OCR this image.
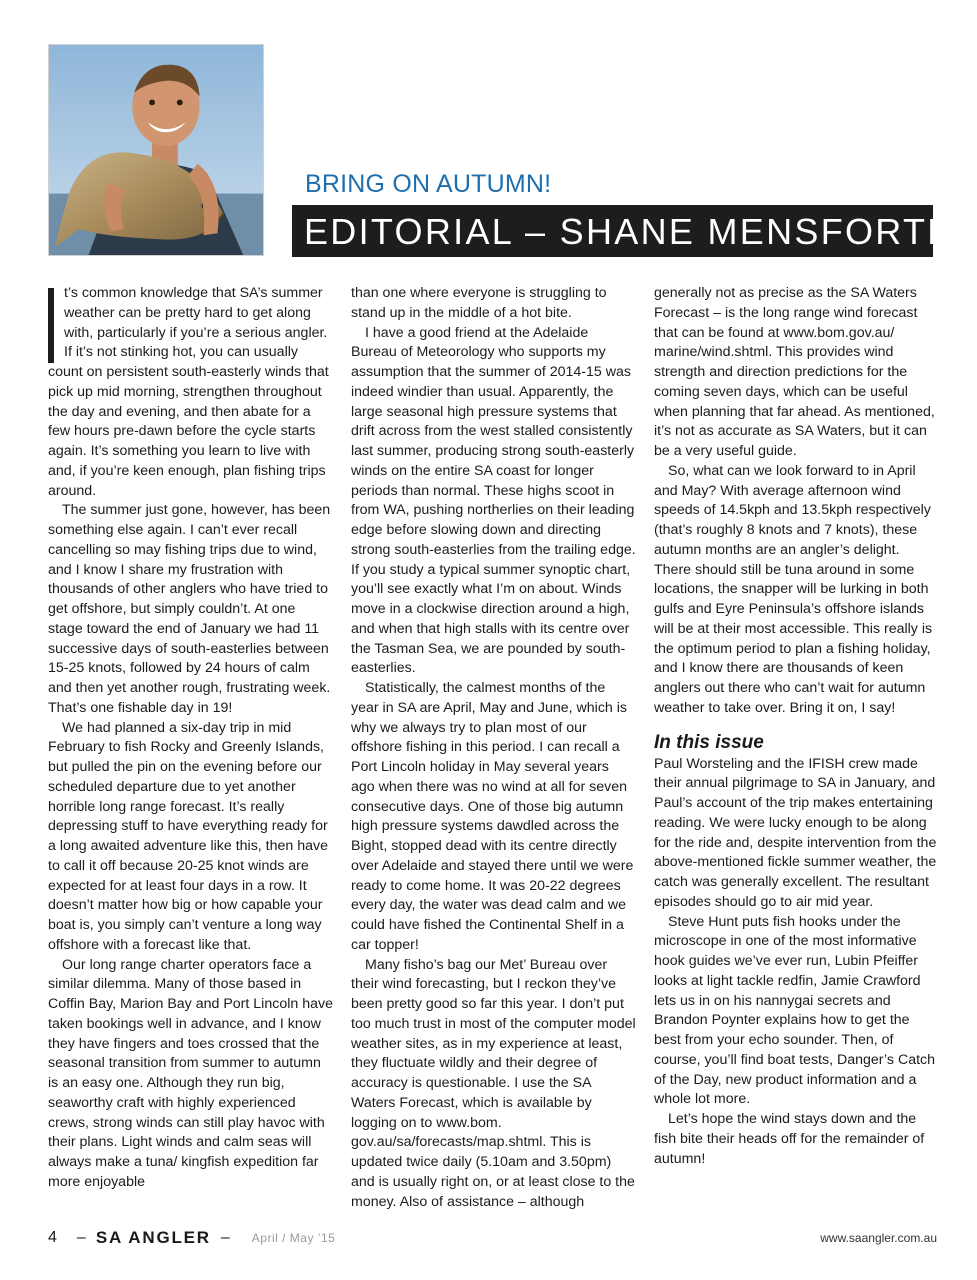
BRING ON AUTUMN!
EDITORIAL – SHANE MENSFORTH

t’s common knowledge that SA’s summer weather can be pretty hard to get along with, particularly if you’re a serious angler. If it’s not stinking hot, you can usually count on persistent south-easterly winds that pick up mid morning, strengthen throughout the day and evening, and then abate for a few hours pre-dawn before the cycle starts again. It’s something you learn to live with and, if you’re keen enough, plan fishing trips around.

The summer just gone, however, has been something else again. I can’t ever recall cancelling so may fishing trips due to wind, and I know I share my frustration with thousands of other anglers who have tried to get offshore, but simply couldn’t. At one stage toward the end of January we had 11 successive days of south-easterlies between 15-25 knots, followed by 24 hours of calm and then yet another rough, frustrating week. That’s one fishable day in 19!

We had planned a six-day trip in mid February to fish Rocky and Greenly Islands, but pulled the pin on the evening before our scheduled departure due to yet another horrible long range forecast. It’s really depressing stuff to have everything ready for a long awaited adventure like this, then have to call it off because 20-25 knot winds are expected for at least four days in a row. It doesn’t matter how big or how capable your boat is, you simply can’t venture a long way offshore with a forecast like that.

Our long range charter operators face a similar dilemma. Many of those based in Coffin Bay, Marion Bay and Port Lincoln have taken bookings well in advance, and I know they have fingers and toes crossed that the seasonal transition from summer to autumn is an easy one. Although they run big, seaworthy craft with highly experienced crews, strong winds can still play havoc with their plans. Light winds and calm seas will always make a tuna/ kingfish expedition far more enjoyable

than one where everyone is struggling to stand up in the middle of a hot bite.

I have a good friend at the Adelaide Bureau of Meteorology who supports my assumption that the summer of 2014-15 was indeed windier than usual. Apparently, the large seasonal high pressure systems that drift across from the west stalled consistently last summer, producing strong south-easterly winds on the entire SA coast for longer periods than normal. These highs scoot in from WA, pushing northerlies on their leading edge before slowing down and directing strong south-easterlies from the trailing edge. If you study a typical summer synoptic chart, you’ll see exactly what I’m on about. Winds move in a clockwise direction around a high, and when that high stalls with its centre over the Tasman Sea, we are pounded by south-easterlies.

Statistically, the calmest months of the year in SA are April, May and June, which is why we always try to plan most of our offshore fishing in this period. I can recall a Port Lincoln holiday in May several years ago when there was no wind at all for seven consecutive days. One of those big autumn high pressure systems dawdled across the Bight, stopped dead with its centre directly over Adelaide and stayed there until we were ready to come home. It was 20-22 degrees every day, the water was dead calm and we could have fished the Continental Shelf in a car topper!

Many fisho’s bag our Met’ Bureau over their wind forecasting, but I reckon they’ve been pretty good so far this year. I don’t put too much trust in most of the computer model weather sites, as in my experience at least, they fluctuate wildly and their degree of accuracy is questionable. I use the SA Waters Forecast, which is available by logging on to www.bom. gov.au/sa/forecasts/map.shtml. This is updated twice daily (5.10am and 3.50pm) and is usually right on, or at least close to the money. Also of assistance – although

generally not as precise as the SA Waters Forecast – is the long range wind forecast that can be found at www.bom.gov.au/ marine/wind.shtml. This provides wind strength and direction predictions for the coming seven days, which can be useful when planning that far ahead. As mentioned, it’s not as accurate as SA Waters, but it can be a very useful guide.

So, what can we look forward to in April and May? With average afternoon wind speeds of 14.5kph and 13.5kph respectively (that’s roughly 8 knots and 7 knots), these autumn months are an angler’s delight. There should still be tuna around in some locations, the snapper will be lurking in both gulfs and Eyre Peninsula’s offshore islands will be at their most accessible. This really is the optimum period to plan a fishing holiday, and I know there are thousands of keen anglers out there who can’t wait for autumn weather to take over. Bring it on, I say!

In this issue

Paul Worsteling and the IFISH crew made their annual pilgrimage to SA in January, and Paul’s account of the trip makes entertaining reading. We were lucky enough to be along for the ride and, despite intervention from the above-mentioned fickle summer weather, the catch was generally excellent. The resultant episodes should go to air mid year.

Steve Hunt puts fish hooks under the microscope in one of the most informative hook guides we’ve ever run, Lubin Pfeiffer looks at light tackle redfin, Jamie Crawford lets us in on his nannygai secrets and Brandon Poynter explains how to get the best from your echo sounder. Then, of course, you’ll find boat tests, Danger’s Catch of the Day, new product information and a whole lot more.

Let’s hope the wind stays down and the fish bite their heads off for the remainder of autumn!

4 – SA ANGLER – April / May ’15	www.saangler.com.au
